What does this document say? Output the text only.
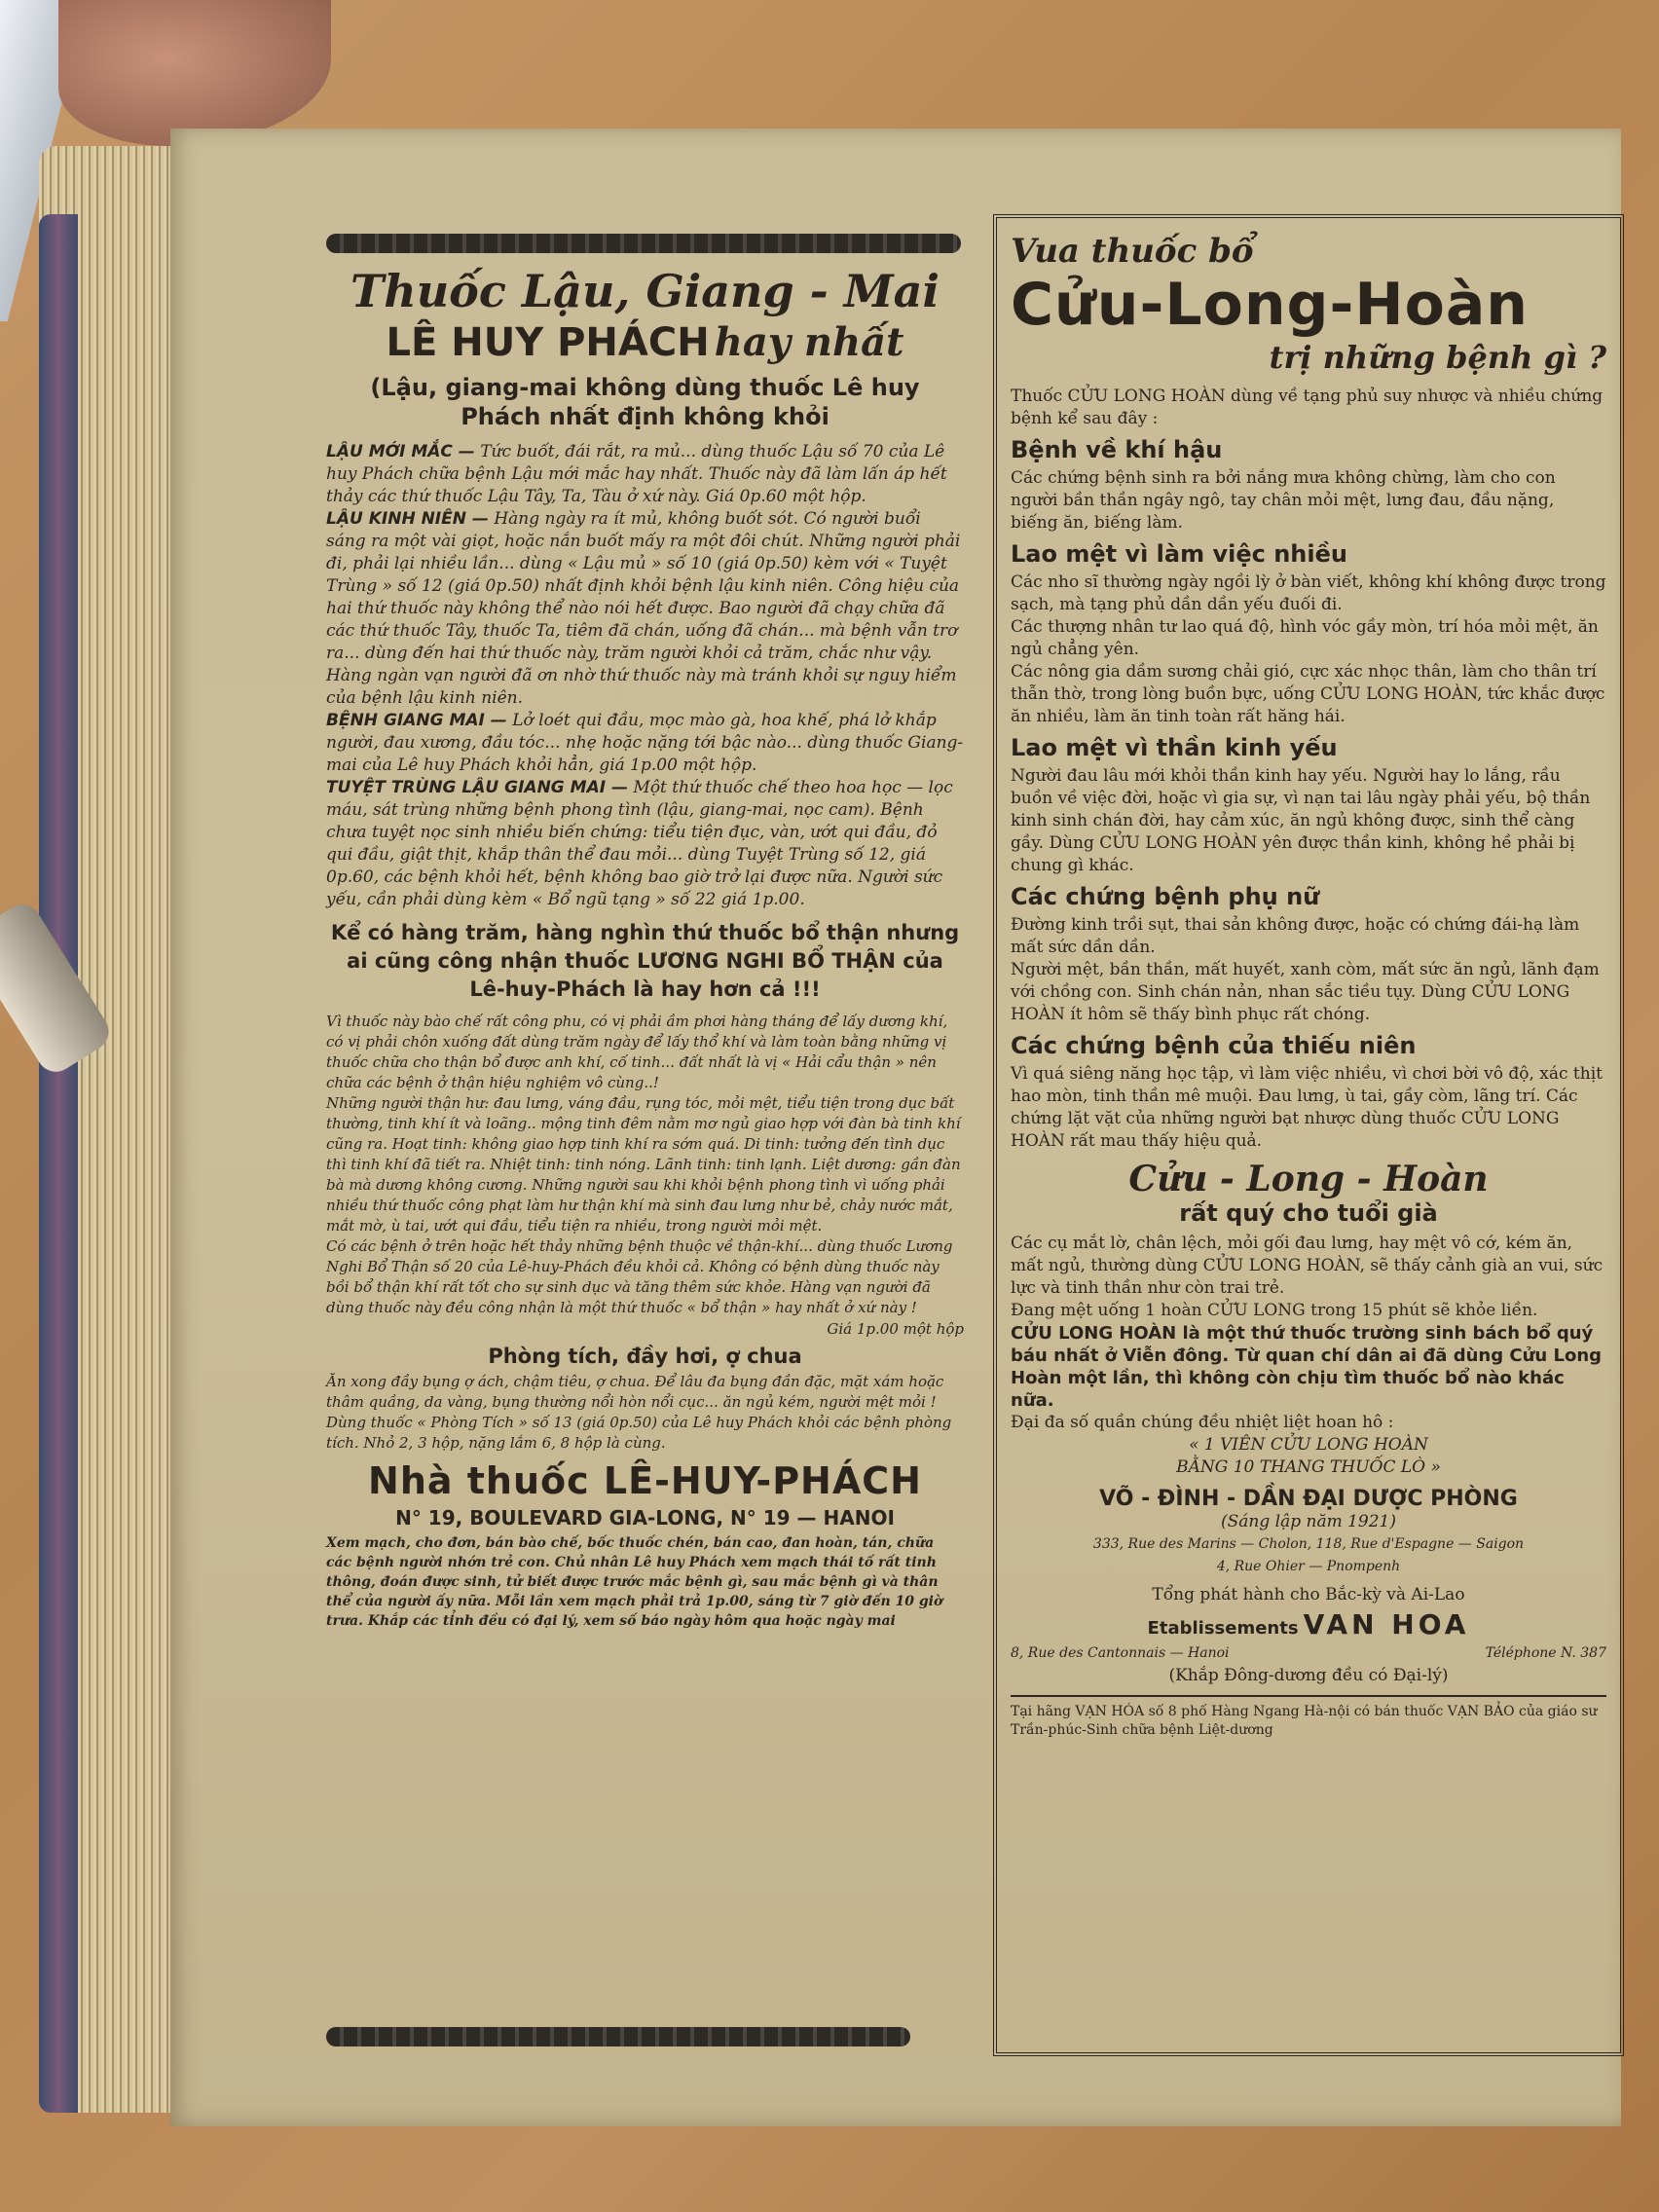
Thuốc Lậu, Giang - Mai
LÊ HUY PHÁCH hay nhất
(Lậu, giang-mai không dùng thuốc Lê huy Phách nhất định không khỏi

LẬU MỚI MẮC — Tức buốt, đái rắt, ra mủ... dùng thuốc Lậu số 70 của Lê huy Phách chữa bệnh Lậu mới mắc hay nhất. Thuốc này đã làm lấn áp hết thảy các thứ thuốc Lậu Tây, Ta, Tàu ở xứ này. Giá 0p.60 một hộp.

LẬU KINH NIÊN — Hàng ngày ra ít mủ, không buốt sót. Có người buổi sáng ra một vài giọt, hoặc nắn buốt mấy ra một đôi chút. Những người phải đi, phải lại nhiều lần... dùng « Lậu mủ » số 10 (giá 0p.50) kèm với « Tuyệt Trùng » số 12 (giá 0p.50) nhất định khỏi bệnh lậu kinh niên. Công hiệu của hai thứ thuốc này không thể nào nói hết được. Bao người đã chạy chữa đã các thứ thuốc Tây, thuốc Ta, tiêm đã chán, uống đã chán... mà bệnh vẫn trơ ra... dùng đến hai thứ thuốc này, trăm người khỏi cả trăm, chắc như vậy. Hàng ngàn vạn người đã ơn nhờ thứ thuốc này mà tránh khỏi sự nguy hiểm của bệnh lậu kinh niên.

BỆNH GIANG MAI — Lở loét qui đầu, mọc mào gà, hoa khế, phá lở khắp người, đau xương, đầu tóc... nhẹ hoặc nặng tới bậc nào... dùng thuốc Giang-mai của Lê huy Phách khỏi hẳn, giá 1p.00 một hộp.

TUYỆT TRÙNG LẬU GIANG MAI — Một thứ thuốc chế theo hoa học — lọc máu, sát trùng những bệnh phong tình (lậu, giang-mai, nọc cam). Bệnh chưa tuyệt nọc sinh nhiều biến chứng: tiểu tiện đục, vàn, ướt qui đầu, đỏ qui đầu, giật thịt, khắp thân thể đau mỏi... dùng Tuyệt Trùng số 12, giá 0p.60, các bệnh khỏi hết, bệnh không bao giờ trở lại được nữa. Người sức yếu, cần phải dùng kèm « Bổ ngũ tạng » số 22 giá 1p.00.

Kể có hàng trăm, hàng nghìn thứ thuốc bổ thận nhưng ai cũng công nhận thuốc LƯƠNG NGHI BỔ THẬN của Lê-huy-Phách là hay hơn cả !!!

Vì thuốc này bào chế rất công phu, có vị phải ầm phơi hàng tháng để lấy dương khí, có vị phải chôn xuống đất dùng trăm ngày để lấy thổ khí và làm toàn bằng những vị thuốc chữa cho thận bổ được anh khí, cố tinh... đất nhất là vị « Hải cẩu thận » nên chữa các bệnh ở thận hiệu nghiệm vô cùng..!

Những người thận hư: đau lưng, váng đầu, rụng tóc, mỏi mệt, tiểu tiện trong dục bất thường, tinh khí ít và loãng.. mộng tinh đêm nằm mơ ngủ giao hợp với đàn bà tinh khí cũng ra. Hoạt tinh: không giao hợp tinh khí ra sớm quá. Di tinh: tưởng đến tình dục thì tinh khí đã tiết ra. Nhiệt tinh: tinh nóng. Lãnh tinh: tinh lạnh. Liệt dương: gần đàn bà mà dương không cương. Những người sau khi khỏi bệnh phong tình vì uống phải nhiều thứ thuốc công phạt làm hư thận khí mà sinh đau lưng như bẻ, chảy nước mắt, mắt mờ, ù tai, ướt qui đầu, tiểu tiện ra nhiều, trong người mỏi mệt.

Có các bệnh ở trên hoặc hết thảy những bệnh thuộc về thận-khí... dùng thuốc Lương Nghi Bổ Thận số 20 của Lê-huy-Phách đều khỏi cả. Không có bệnh dùng thuốc này bồi bổ thận khí rất tốt cho sự sinh dục và tăng thêm sức khỏe. Hàng vạn người đã dùng thuốc này đều công nhận là một thứ thuốc « bổ thận » hay nhất ở xứ này !

Giá 1p.00 một hộp

Phòng tích, đầy hơi, ợ chua

Ăn xong đầy bụng ợ ách, chậm tiêu, ợ chua. Để lâu đa bụng đần đặc, mặt xám hoặc thâm quầng, da vàng, bụng thường nổi hòn nổi cục... ăn ngủ kém, người mệt mỏi ! Dùng thuốc « Phòng Tích » số 13 (giá 0p.50) của Lê huy Phách khỏi các bệnh phòng tích. Nhỏ 2, 3 hộp, nặng lắm 6, 8 hộp là cùng.

Nhà thuốc LÊ-HUY-PHÁCH
N° 19, BOULEVARD GIA-LONG, N° 19 — HANOI

Xem mạch, cho đơn, bán bào chế, bốc thuốc chén, bán cao, đan hoàn, tán, chữa các bệnh người nhớn trẻ con. Chủ nhân Lê huy Phách xem mạch thái tố rất tinh thông, đoán được sinh, tử biết được trước mắc bệnh gì, sau mắc bệnh gì và thân thể của người ấy nữa. Mỗi lần xem mạch phải trả 1p.00, sáng từ 7 giờ đến 10 giờ trưa. Khắp các tỉnh đều có đại lý, xem số báo ngày hôm qua hoặc ngày mai

Vua thuốc bổ
Cửu-Long-Hoàn
trị những bệnh gì ?

Thuốc CỬU LONG HOÀN dùng về tạng phủ suy nhược và nhiều chứng bệnh kể sau đây :

Bệnh về khí hậu

Các chứng bệnh sinh ra bởi nắng mưa không chừng, làm cho con người bần thần ngây ngô, tay chân mỏi mệt, lưng đau, đầu nặng, biếng ăn, biếng làm.

Lao mệt vì làm việc nhiều

Các nho sĩ thường ngày ngồi lỳ ở bàn viết, không khí không được trong sạch, mà tạng phủ dần dần yếu đuối đi.

Các thượng nhân tư lao quá độ, hình vóc gầy mòn, trí hóa mỏi mệt, ăn ngủ chẳng yên.

Các nông gia dầm sương chải gió, cực xác nhọc thân, làm cho thân trí thẫn thờ, trong lòng buồn bực, uống CỬU LONG HOÀN, tức khắc được ăn nhiều, làm ăn tinh toàn rất hăng hái.

Lao mệt vì thần kinh yếu

Người đau lâu mới khỏi thần kinh hay yếu. Người hay lo lắng, rầu buồn về việc đời, hoặc vì gia sự, vì nạn tai lâu ngày phải yếu, bộ thần kinh sinh chán đời, hay cảm xúc, ăn ngủ không được, sinh thể càng gầy. Dùng CỬU LONG HOÀN yên được thần kinh, không hề phải bị chung gì khác.

Các chứng bệnh phụ nữ

Đường kinh trồi sụt, thai sản không được, hoặc có chứng đái-hạ làm mất sức dần dần.

Người mệt, bần thần, mất huyết, xanh còm, mất sức ăn ngủ, lãnh đạm với chồng con. Sinh chán nản, nhan sắc tiều tụy. Dùng CỬU LONG HOÀN ít hôm sẽ thấy bình phục rất chóng.

Các chứng bệnh của thiếu niên

Vì quá siêng năng học tập, vì làm việc nhiều, vì chơi bời vô độ, xác thịt hao mòn, tinh thần mê muội. Đau lưng, ù tai, gầy còm, lãng trí. Các chứng lặt vặt của những người bạt nhược dùng thuốc CỬU LONG HOÀN rất mau thấy hiệu quả.

Cửu - Long - Hoàn
rất quý cho tuổi già

Các cụ mắt lờ, chân lệch, mỏi gối đau lưng, hay mệt vô cớ, kém ăn, mất ngủ, thường dùng CỬU LONG HOÀN, sẽ thấy cảnh già an vui, sức lực và tinh thần như còn trai trẻ.

Đang mệt uống 1 hoàn CỬU LONG trong 15 phút sẽ khỏe liền.

CỬU LONG HOÀN là một thứ thuốc trường sinh bách bổ quý báu nhất ở Viễn đông. Từ quan chí dân ai đã dùng Cửu Long Hoàn một lần, thì không còn chịu tìm thuốc bổ nào khác nữa.

Đại đa số quần chúng đều nhiệt liệt hoan hô :

« 1 VIÊN CỬU LONG HOÀN
BẰNG 10 THANG THUỐC LÒ »
VÕ - ĐÌNH - DẦN ĐẠI DƯỢC PHÒNG
(Sáng lập năm 1921)
333, Rue des Marins — Cholon, 118, Rue d'Espagne — Saigon
4, Rue Ohier — Pnompenh
Tổng phát hành cho Bắc-kỳ và Ai-Lao
Etablissements VAN HOA
8, Rue des Cantonnais — Hanoi	Téléphone N. 387
(Khắp Đông-dương đều có Đại-lý)

Tại hãng VẠN HÓA số 8 phố Hàng Ngang Hà-nội có bán thuốc VẠN BẢO của giáo sư Trần-phúc-Sinh chữa bệnh Liệt-dương
